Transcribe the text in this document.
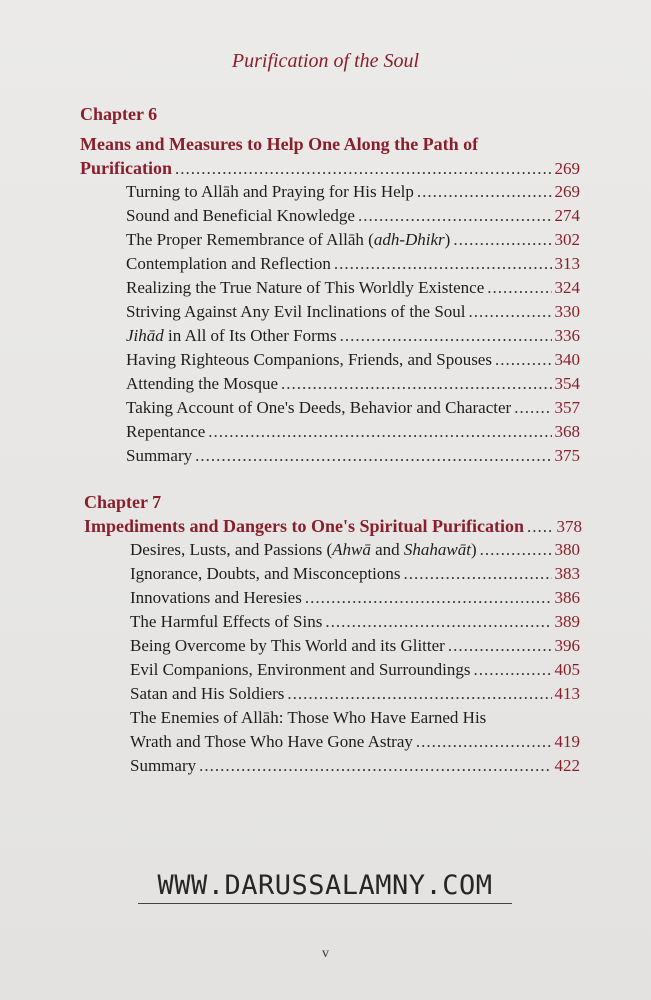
Purification of the Soul
Chapter 6
Means and Measures to Help One Along the Path of
Purification .....	269
Turning to Allāh and Praying for His Help .....	269
Sound and Beneficial Knowledge .....	274
The Proper Remembrance of Allāh (adh-Dhikr) .....	302
Contemplation and Reflection .....	313
Realizing the True Nature of This Worldly Existence .....	324
Striving Against Any Evil Inclinations of the Soul .....	330
Jihād in All of Its Other Forms .....	336
Having Righteous Companions, Friends, and Spouses .....	340
Attending the Mosque .....	354
Taking Account of One's Deeds, Behavior and Character .....	357
Repentance .....	368
Summary .....	375
Chapter 7
Impediments and Dangers to One's Spiritual Purification ..... 378
Desires, Lusts, and Passions (Ahwā and Shahawāt) .....	380
Ignorance, Doubts, and Misconceptions .....	383
Innovations and Heresies .....	386
The Harmful Effects of Sins .....	389
Being Overcome by This World and its Glitter .....	396
Evil Companions, Environment and Surroundings .....	405
Satan and His Soldiers .....	413
The Enemies of Allāh: Those Who Have Earned His
Wrath and Those Who Have Gone Astray .....	419
Summary .....	422
WWW.DARUSSALAMNY.COM
v
